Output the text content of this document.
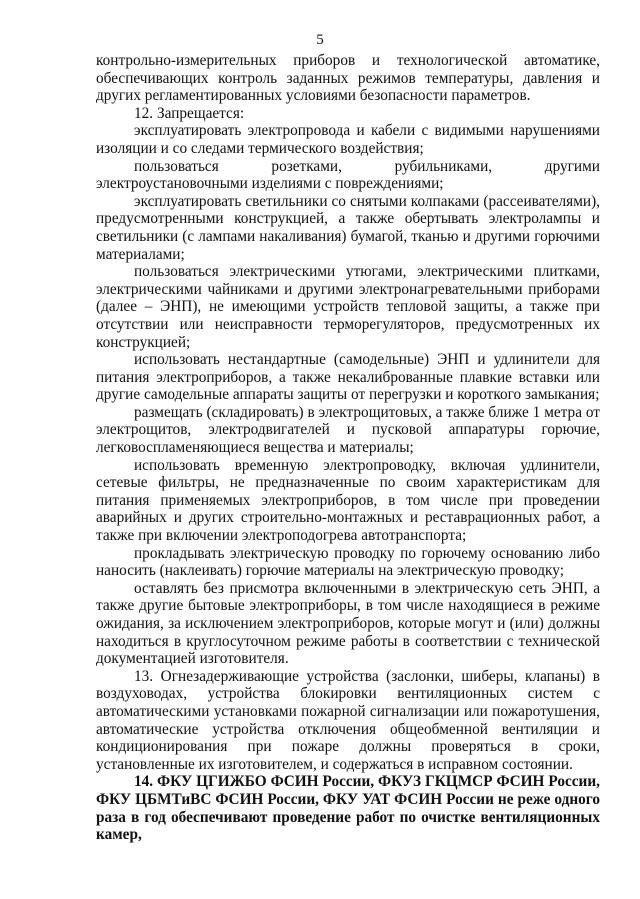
5

контрольно-измерительных приборов и технологической автоматике, обеспечивающих контроль заданных режимов температуры, давления и других регламентированных условиями безопасности параметров.

12. Запрещается:

эксплуатировать электропровода и кабели с видимыми нарушениями изоляции и со следами термического воздействия;

пользоваться розетками, рубильниками, другими электроустановочными изделиями с повреждениями;

эксплуатировать светильники со снятыми колпаками (рассеивателями), предусмотренными конструкцией, а также обертывать электролампы и светильники (с лампами накаливания) бумагой, тканью и другими горючими материалами;

пользоваться электрическими утюгами, электрическими плитками, электрическими чайниками и другими электронагревательными приборами (далее – ЭНП), не имеющими устройств тепловой защиты, а также при отсутствии или неисправности терморегуляторов, предусмотренных их конструкцией;

использовать нестандартные (самодельные) ЭНП и удлинители для питания электроприборов, а также некалиброванные плавкие вставки или другие самодельные аппараты защиты от перегрузки и короткого замыкания;

размещать (складировать) в электрощитовых, а также ближе 1 метра от электрощитов, электродвигателей и пусковой аппаратуры горючие, легковоспламеняющиеся вещества и материалы;

использовать временную электропроводку, включая удлинители, сетевые фильтры, не предназначенные по своим характеристикам для питания применяемых электроприборов, в том числе при проведении аварийных и других строительно-монтажных и реставрационных работ, а также при включении электроподогрева автотранспорта;

прокладывать электрическую проводку по горючему основанию либо наносить (наклеивать) горючие материалы на электрическую проводку;

оставлять без присмотра включенными в электрическую сеть ЭНП, а также другие бытовые электроприборы, в том числе находящиеся в режиме ожидания, за исключением электроприборов, которые могут и (или) должны находиться в круглосуточном режиме работы в соответствии с технической документацией изготовителя.

13. Огнезадерживающие устройства (заслонки, шиберы, клапаны) в воздуховодах, устройства блокировки вентиляционных систем с автоматическими установками пожарной сигнализации или пожаротушения, автоматические устройства отключения общеобменной вентиляции и кондиционирования при пожаре должны проверяться в сроки, установленные их изготовителем, и содержаться в исправном состоянии.

14. ФКУ ЦГИЖБО ФСИН России, ФКУЗ ГКЦМСР ФСИН России, ФКУ ЦБМТиВС ФСИН России, ФКУ УАТ ФСИН России не реже одного раза в год обеспечивают проведение работ по очистке вентиляционных камер,
